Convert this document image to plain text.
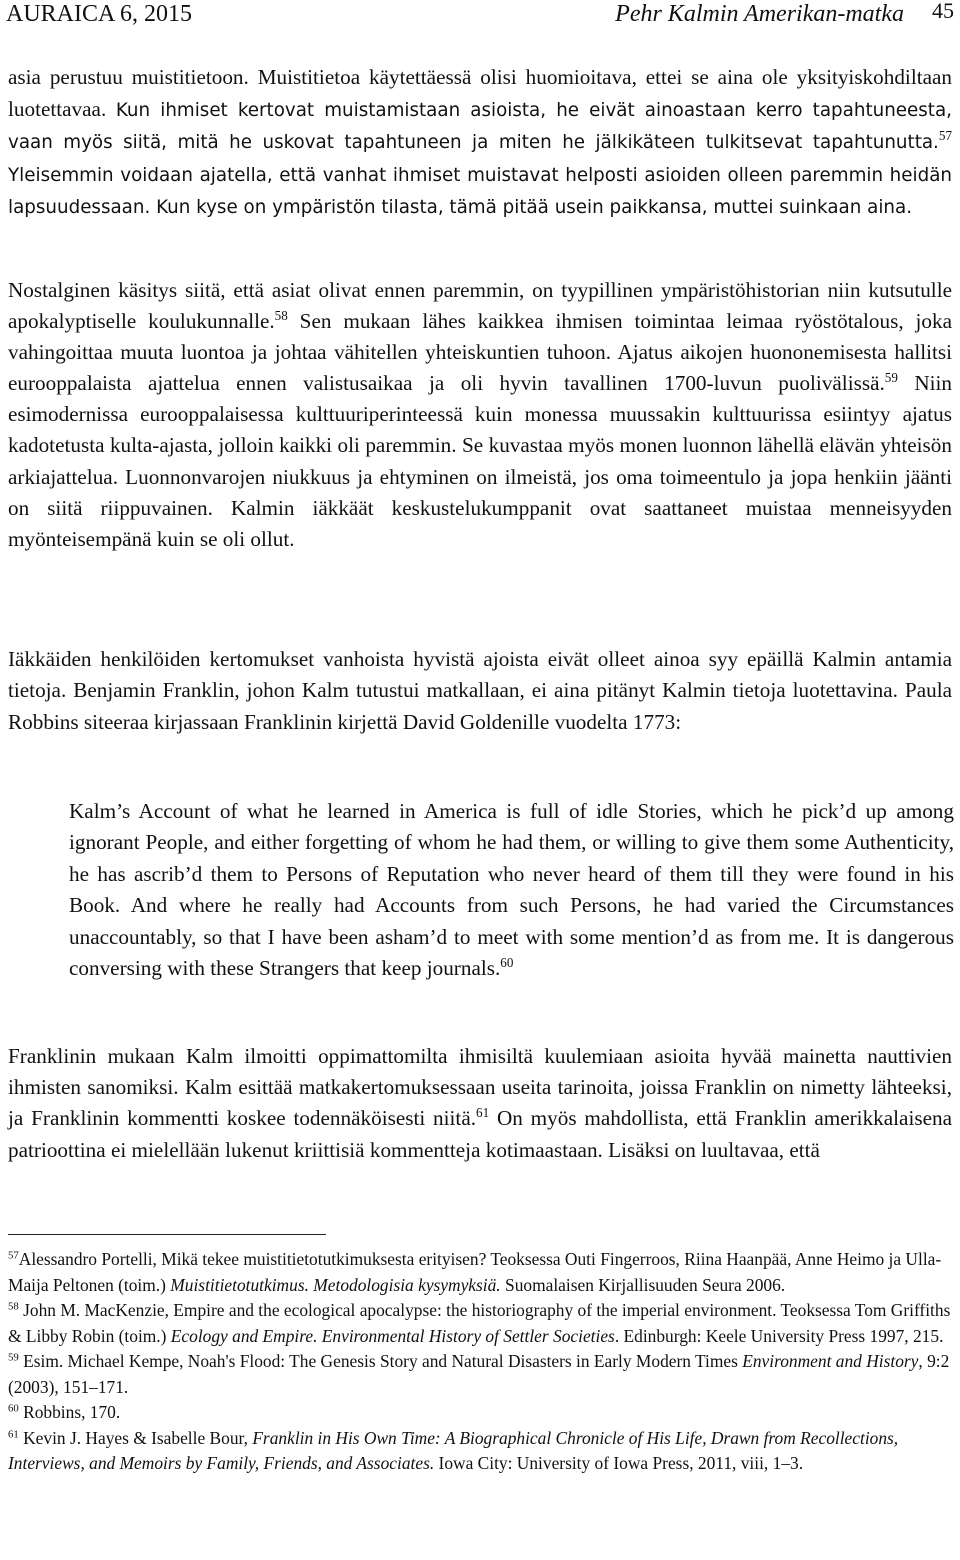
AURAICA 6, 2015	Pehr Kalmin Amerikan-matka 45

asia perustuu muistitietoon. Muistitietoa käytettäessä olisi huomioitava, ettei se aina ole yksityiskohdiltaan luotettavaa. Kun ihmiset kertovat muistamistaan asioista, he eivät ainoastaan kerro tapahtuneesta, vaan myös siitä, mitä he uskovat tapahtuneen ja miten he jälkikäteen tulkitsevat tapahtunutta.$^{57}$ Yleisemmin voidaan ajatella, että vanhat ihmiset muistavat helposti asioiden olleen paremmin heidän lapsuudessaan. Kun kyse on ympäristön tilasta, tämä pitää usein paikkansa, muttei suinkaan aina.

Nostalginen käsitys siitä, että asiat olivat ennen paremmin, on tyypillinen ympäristöhistorian niin kutsutulle apokalyptiselle koulukunnalle.$^{58}$ Sen mukaan lähes kaikkea ihmisen toimintaa leimaa ryöstötalous, joka vahingoittaa muuta luontoa ja johtaa vähitellen yhteiskuntien tuhoon. Ajatus aikojen huononemisesta hallitsi eurooppalaista ajattelua ennen valistusaikaa ja oli hyvin tavallinen 1700-luvun puolivälissä.$^{59}$ Niin esimodernissa eurooppalaisessa kulttuuriperinteessä kuin monessa muussakin kulttuurissa esiintyy ajatus kadotetusta kulta-ajasta, jolloin kaikki oli paremmin. Se kuvastaa myös monen luonnon lähellä elävän yhteisön arkiajattelua. Luonnonvarojen niukkuus ja ehtyminen on ilmeistä, jos oma toimeentulo ja jopa henkiin jäänti on siitä riippuvainen. Kalmin iäkkäät keskustelukumppanit ovat saattaneet muistaa menneisyyden myönteisempänä kuin se oli ollut.

Iäkkäiden henkilöiden kertomukset vanhoista hyvistä ajoista eivät olleet ainoa syy epäillä Kalmin antamia tietoja. Benjamin Franklin, johon Kalm tutustui matkallaan, ei aina pitänyt Kalmin tietoja luotettavina. Paula Robbins siteeraa kirjassaan Franklinin kirjettä David Goldenille vuodelta 1773:

Kalm’s Account of what he learned in America is full of idle Stories, which he pick’d up among ignorant People, and either forgetting of whom he had them, or willing to give them some Authenticity, he has ascrib’d them to Persons of Reputation who never heard of them till they were found in his Book. And where he really had Accounts from such Persons, he had varied the Circumstances unaccountably, so that I have been asham’d to meet with some mention’d as from me. It is dangerous conversing with these Strangers that keep journals.$^{60}$

Franklinin mukaan Kalm ilmoitti oppimattomilta ihmisiltä kuulemiaan asioita hyvää mainetta nauttivien ihmisten sanomiksi. Kalm esittää matkakertomuksessaan useita tarinoita, joissa Franklin on nimetty lähteeksi, ja Franklinin kommentti koskee todennäköisesti niitä.$^{61}$ On myös mahdollista, että Franklin amerikkalaisena patrioottina ei mielellään lukenut kriittisiä kommentteja kotimaastaan. Lisäksi on luultavaa, että

$^{57}$Alessandro Portelli, Mikä tekee muistitietotutkimuksesta erityisen? Teoksessa Outi Fingerroos, Riina Haanpää, Anne Heimo ja Ulla-Maija Peltonen (toim.) Muistitietotutkimus. Metodologisia kysymyksiä. Suomalaisen Kirjallisuuden Seura 2006.

$^{58}$ John M. MacKenzie, Empire and the ecological apocalypse: the historiography of the imperial environment. Teoksessa Tom Griffiths & Libby Robin (toim.) Ecology and Empire. Environmental History of Settler Societies. Edinburgh: Keele University Press 1997, 215.

$^{59}$ Esim. Michael Kempe, Noah's Flood: The Genesis Story and Natural Disasters in Early Modern Times Environment and History, 9:2 (2003), 151–171.

$^{60}$ Robbins, 170.

$^{61}$ Kevin J. Hayes & Isabelle Bour, Franklin in His Own Time: A Biographical Chronicle of His Life, Drawn from Recollections, Interviews, and Memoirs by Family, Friends, and Associates. Iowa City: University of Iowa Press, 2011, viii, 1–3.
